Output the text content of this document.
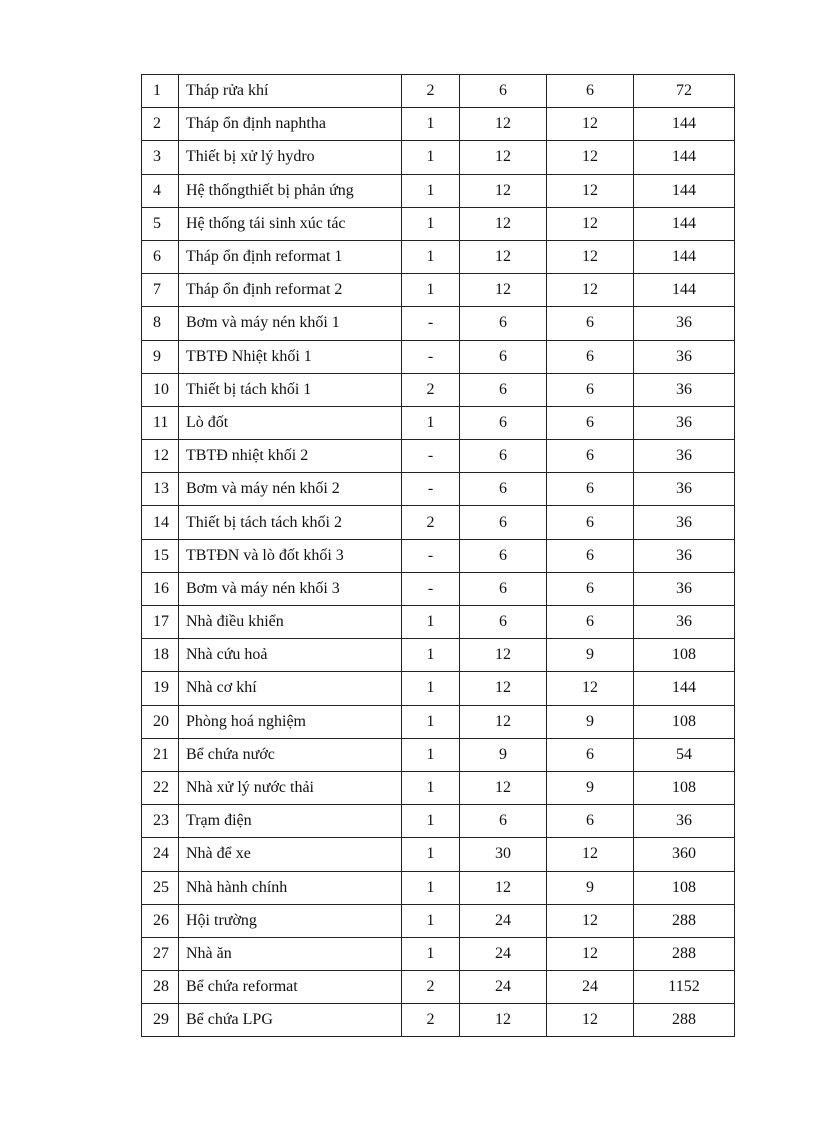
1	Tháp rửa khí	2	6	6	72
2	Tháp ổn định naphtha	1	12	12	144
3	Thiết bị xử lý hydro	1	12	12	144
4	Hệ thốngthiết bị phản ứng	1	12	12	144
5	Hệ thống tái sinh xúc tác	1	12	12	144
6	Tháp ổn định reformat 1	1	12	12	144
7	Tháp ổn định reformat 2	1	12	12	144
8	Bơm và máy nén khối 1	-	6	6	36
9	TBTĐ Nhiệt khối 1	-	6	6	36
10	Thiết bị tách khối 1	2	6	6	36
11	Lò đốt	1	6	6	36
12	TBTĐ nhiệt khối 2	-	6	6	36
13	Bơm và máy nén khối 2	-	6	6	36
14	Thiết bị tách tách khối 2	2	6	6	36
15	TBTĐN và lò đốt khối 3	-	6	6	36
16	Bơm và máy nén khối 3	-	6	6	36
17	Nhà điều khiển	1	6	6	36
18	Nhà cứu hoả	1	12	9	108
19	Nhà cơ khí	1	12	12	144
20	Phòng hoá nghiệm	1	12	9	108
21	Bể chứa nước	1	9	6	54
22	Nhà xử lý nước thải	1	12	9	108
23	Trạm điện	1	6	6	36
24	Nhà để xe	1	30	12	360
25	Nhà hành chính	1	12	9	108
26	Hội trường	1	24	12	288
27	Nhà ăn	1	24	12	288
28	Bể chứa reformat	2	24	24	1152
29	Bể chứa LPG	2	12	12	288
